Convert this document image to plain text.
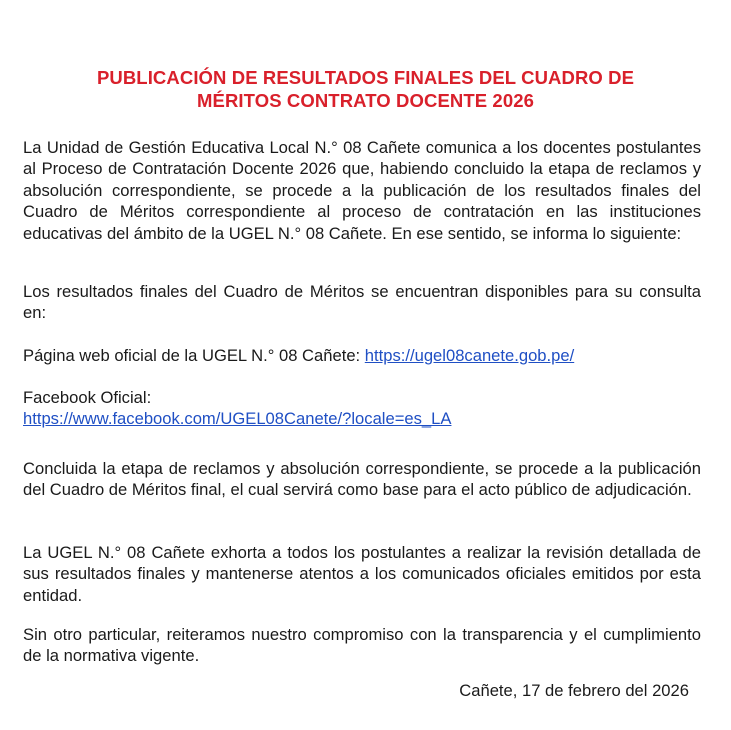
PUBLICACIÓN DE RESULTADOS FINALES DEL CUADRO DE
MÉRITOS CONTRATO DOCENTE 2026

La Unidad de Gestión Educativa Local N.° 08 Cañete comunica a los docentes postulantes al Proceso de Contratación Docente 2026 que, habiendo concluido la etapa de reclamos y absolución correspondiente, se procede a la publicación de los resultados finales del Cuadro de Méritos correspondiente al proceso de contratación en las instituciones educativas del ámbito de la UGEL N.° 08 Cañete. En ese sentido, se informa lo siguiente:

Los resultados finales del Cuadro de Méritos se encuentran disponibles para su consulta en:

Página web oficial de la UGEL N.° 08 Cañete: https://ugel08canete.gob.pe/

Facebook Oficial:
https://www.facebook.com/UGEL08Canete/?locale=es_LA

Concluida la etapa de reclamos y absolución correspondiente, se procede a la publicación del Cuadro de Méritos final, el cual servirá como base para el acto público de adjudicación.

La UGEL N.° 08 Cañete exhorta a todos los postulantes a realizar la revisión detallada de sus resultados finales y mantenerse atentos a los comunicados oficiales emitidos por esta entidad.

Sin otro particular, reiteramos nuestro compromiso con la transparencia y el cumplimiento de la normativa vigente.

Cañete, 17 de febrero del 2026
